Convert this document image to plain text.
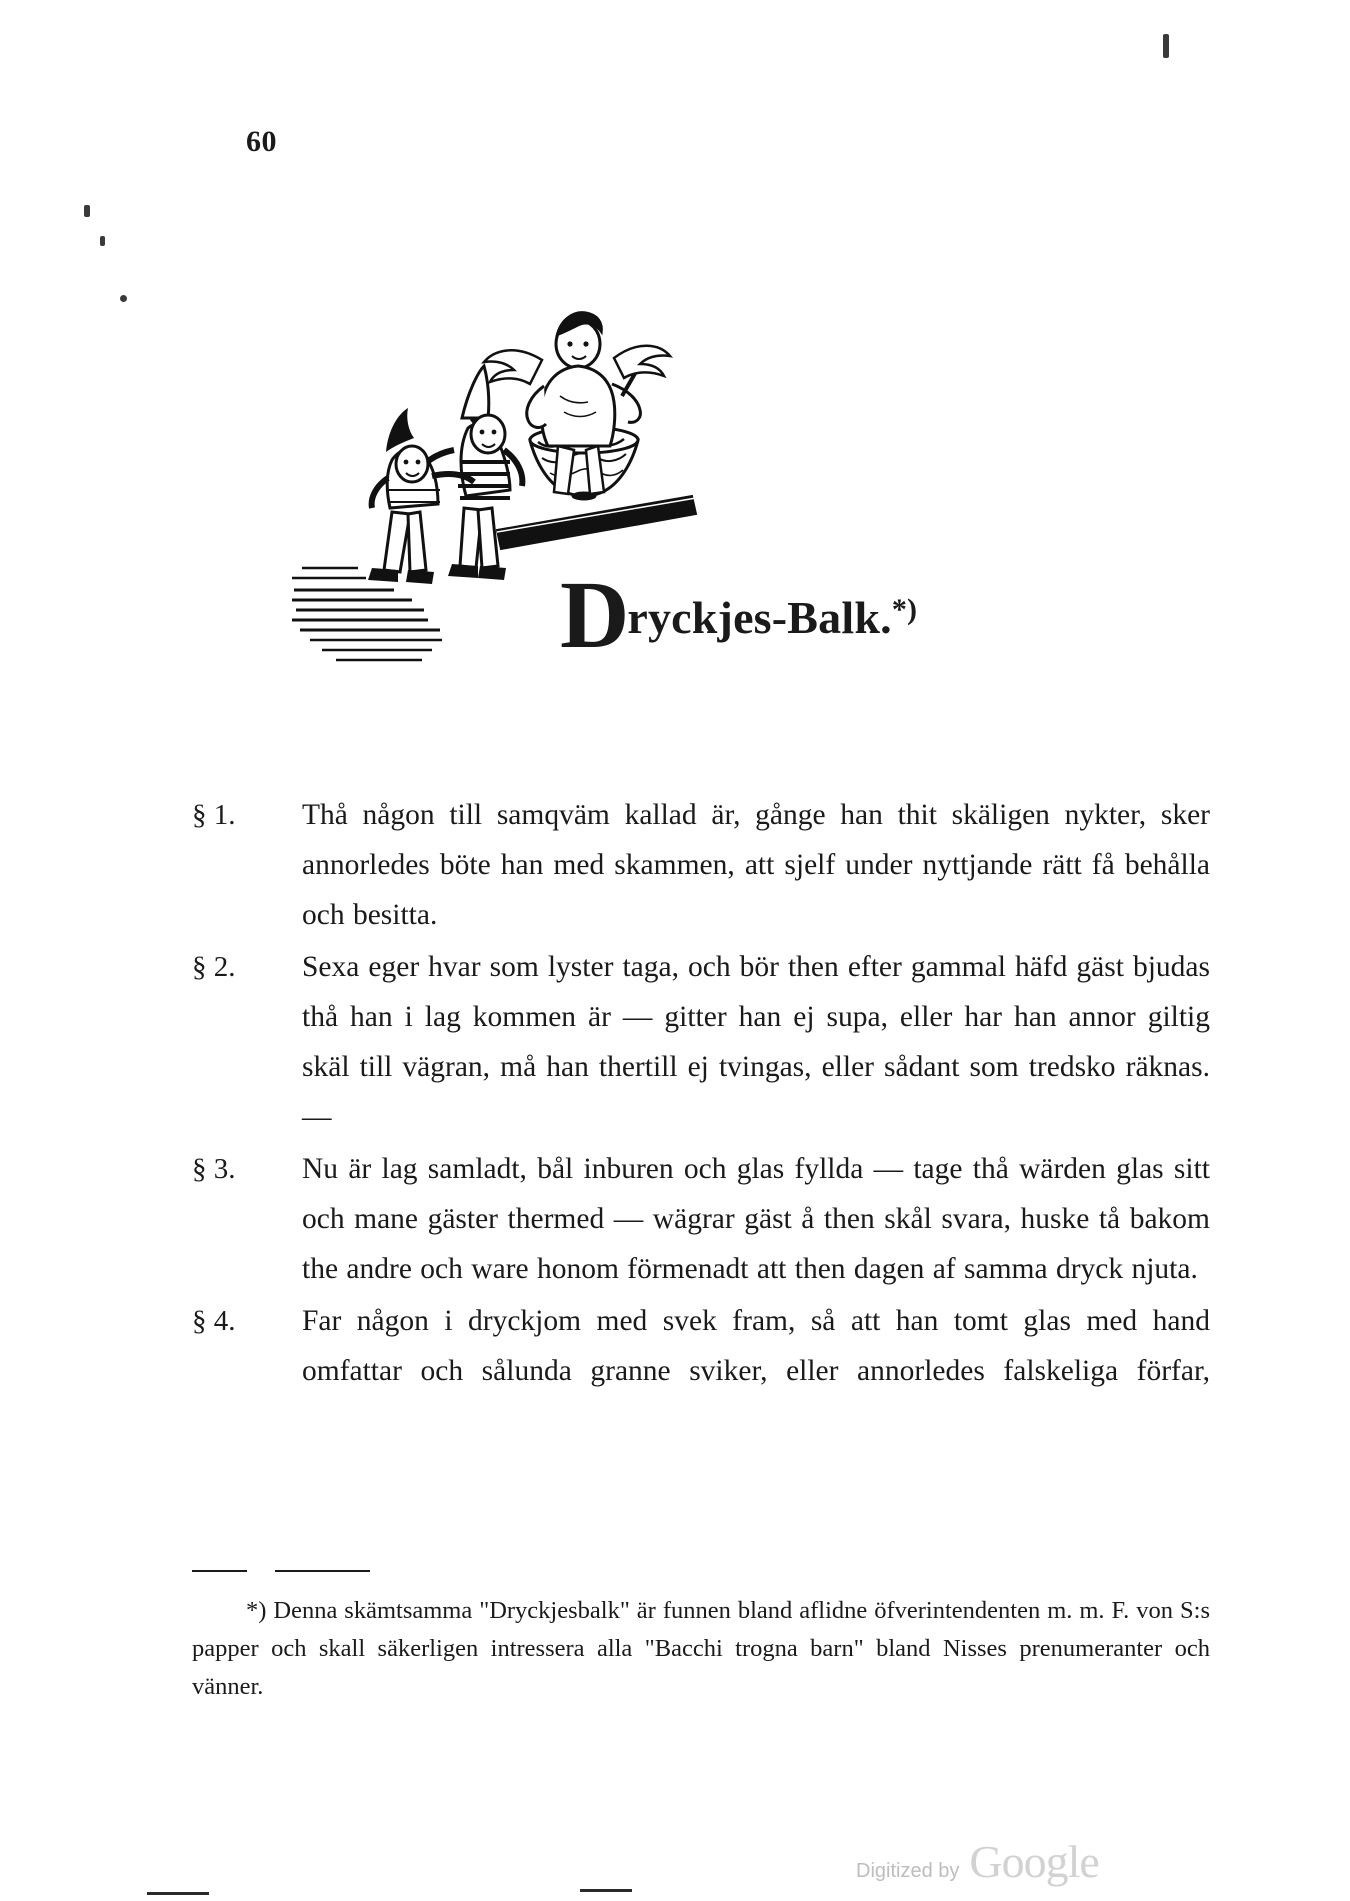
60
Dryckjes-Balk.*)
§ 1.	Thå någon till samqväm kallad är, gånge han thit skäligen nykter, sker annorledes böte han med skammen, att sjelf under nyttjande rätt få behålla och besitta.
§ 2.	Sexa eger hvar som lyster taga, och bör then efter gammal häfd gäst bjudas thå han i lag kommen är — gitter han ej supa, eller har han annor giltig skäl till vägran, må han thertill ej tvingas, eller sådant som tredsko räknas. —
§ 3.	Nu är lag samladt, bål inburen och glas fyllda — tage thå wärden glas sitt och mane gäster thermed — wägrar gäst å then skål svara, huske tå bakom the andre och ware honom förmenadt att then dagen af samma dryck njuta.
§ 4.	Far någon i dryckjom med svek fram, så att han tomt glas med hand omfattar och sålunda granne sviker, eller annorledes falskeliga förfar,
*) Denna skämtsamma "Dryckjesbalk" är funnen bland aflidne öfverintendenten m. m. F. von S:s papper och skall säkerligen intressera alla "Bacchi trogna barn" bland Nisses prenumeranter och vänner.
Digitized by Google
